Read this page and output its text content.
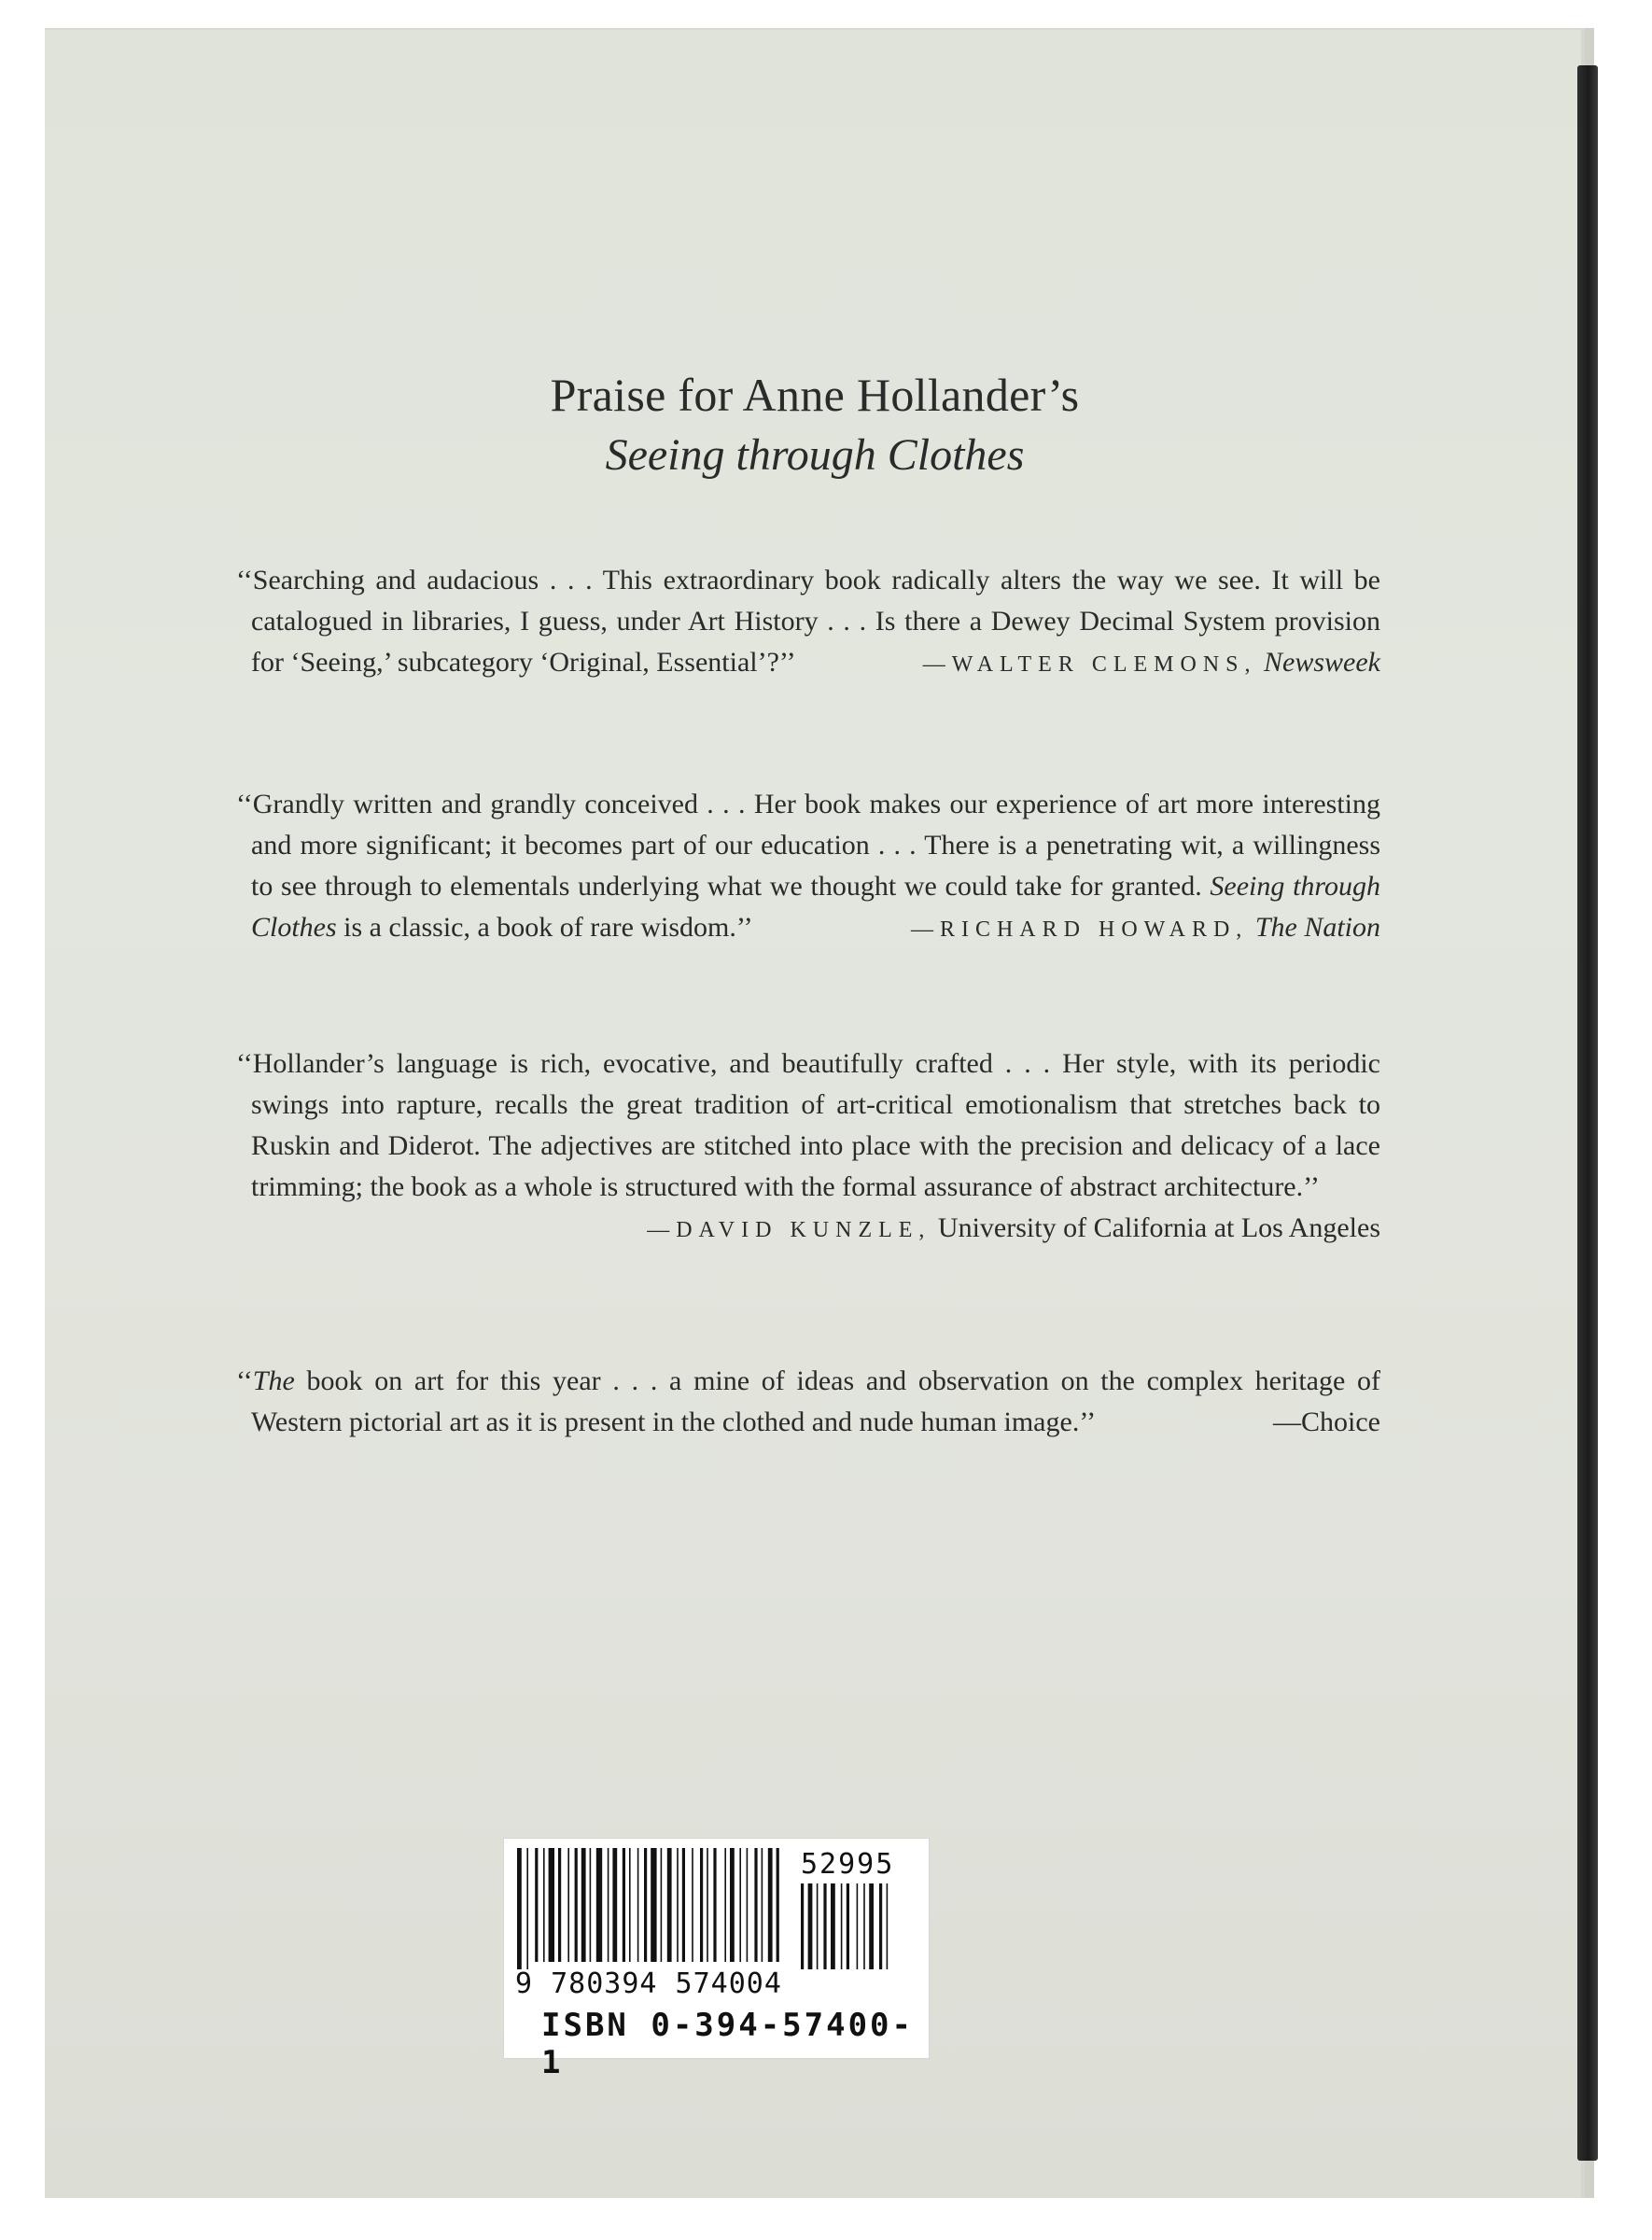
Praise for Anne Hollander’s
Seeing through Clothes
‘‘Searching and audacious . . . This extraordinary book radically alters the way we see. It will be catalogued in libraries, I guess, under Art History . . . Is there a Dewey Decimal System provision for ‘Seeing,’ subcategory ‘Original, Essential’?’’	—WALTER CLEMONS, Newsweek
‘‘Grandly written and grandly conceived . . . Her book makes our experience of art more interesting and more significant; it becomes part of our education . . . There is a penetrating wit, a willingness to see through to elementals underlying what we thought we could take for granted. Seeing through Clothes is a classic, a book of rare wisdom.’’	—RICHARD HOWARD, The Nation
‘‘Hollander’s language is rich, evocative, and beautifully crafted . . . Her style, with its periodic swings into rapture, recalls the great tradition of art-critical emotionalism that stretches back to Ruskin and Diderot. The adjectives are stitched into place with the precision and delicacy of a lace trimming; the book as a whole is structured with the formal assurance of abstract architecture.’’
—DAVID KUNZLE, University of California at Los Angeles
‘‘The book on art for this year . . . a mine of ideas and observation on the complex heritage of Western pictorial art as it is present in the clothed and nude human image.’’	—Choice
52995
9 780394 574004
ISBN 0-394-57400-1
